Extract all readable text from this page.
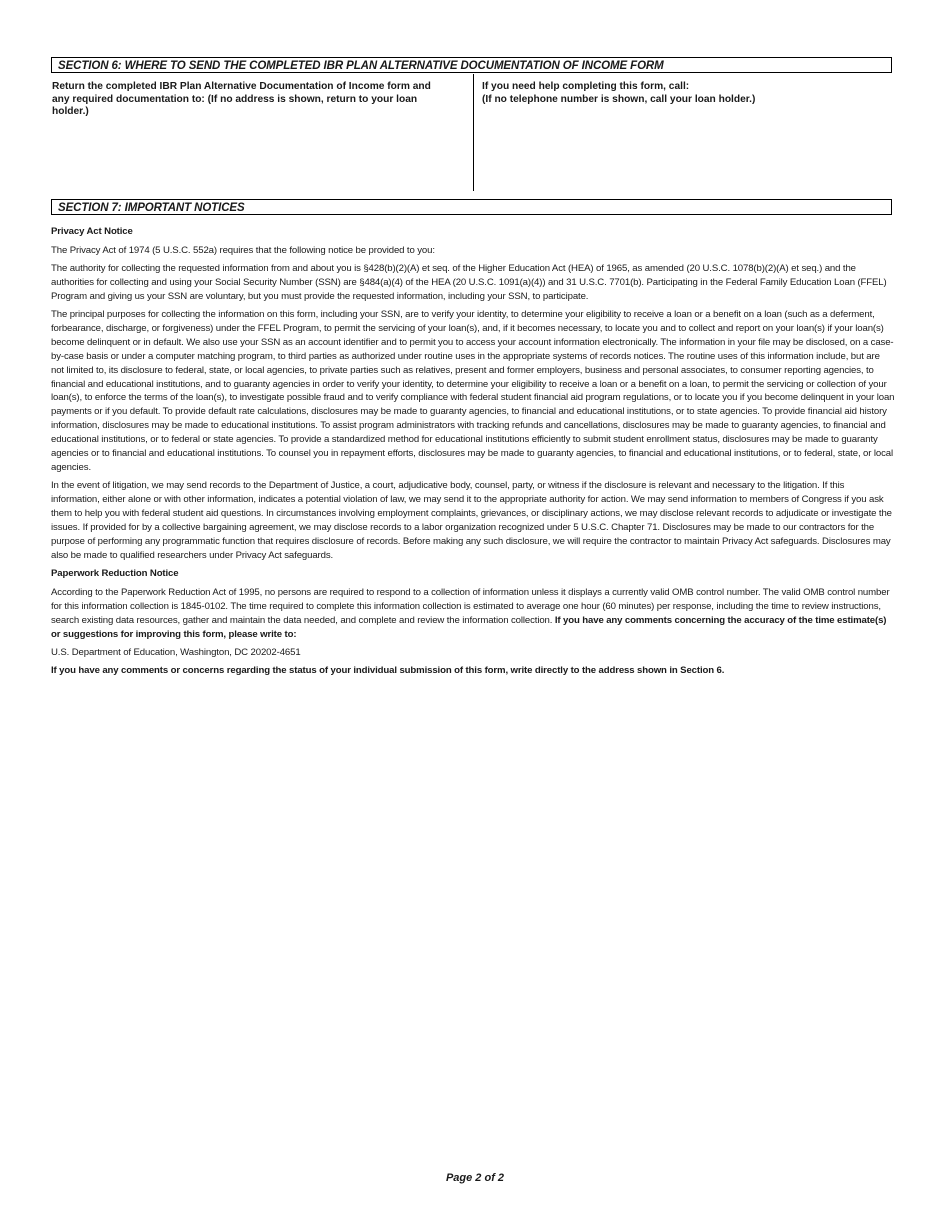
SECTION 6: WHERE TO SEND THE COMPLETED IBR PLAN ALTERNATIVE DOCUMENTATION OF INCOME FORM
Return the completed IBR Plan Alternative Documentation of Income form and any required documentation to: (If no address is shown, return to your loan holder.)
If you need help completing this form, call:
(If no telephone number is shown, call your loan holder.)
SECTION 7: IMPORTANT NOTICES

Privacy Act Notice

The Privacy Act of 1974 (5 U.S.C. 552a) requires that the following notice be provided to you:

The authority for collecting the requested information from and about you is §428(b)(2)(A) et seq. of the Higher Education Act (HEA) of 1965, as amended (20 U.S.C. 1078(b)(2)(A) et seq.) and the authorities for collecting and using your Social Security Number (SSN) are §484(a)(4) of the HEA (20 U.S.C. 1091(a)(4)) and 31 U.S.C. 7701(b). Participating in the Federal Family Education Loan (FFEL) Program and giving us your SSN are voluntary, but you must provide the requested information, including your SSN, to participate.

The principal purposes for collecting the information on this form, including your SSN, are to verify your identity, to determine your eligibility to receive a loan or a benefit on a loan (such as a deferment, forbearance, discharge, or forgiveness) under the FFEL Program, to permit the servicing of your loan(s), and, if it becomes necessary, to locate you and to collect and report on your loan(s) if your loan(s) become delinquent or in default. We also use your SSN as an account identifier and to permit you to access your account information electronically. The information in your file may be disclosed, on a case-by-case basis or under a computer matching program, to third parties as authorized under routine uses in the appropriate systems of records notices. The routine uses of this information include, but are not limited to, its disclosure to federal, state, or local agencies, to private parties such as relatives, present and former employers, business and personal associates, to consumer reporting agencies, to financial and educational institutions, and to guaranty agencies in order to verify your identity, to determine your eligibility to receive a loan or a benefit on a loan, to permit the servicing or collection of your loan(s), to enforce the terms of the loan(s), to investigate possible fraud and to verify compliance with federal student financial aid program regulations, or to locate you if you become delinquent in your loan payments or if you default. To provide default rate calculations, disclosures may be made to guaranty agencies, to financial and educational institutions, or to state agencies. To provide financial aid history information, disclosures may be made to educational institutions. To assist program administrators with tracking refunds and cancellations, disclosures may be made to guaranty agencies, to financial and educational institutions, or to federal or state agencies. To provide a standardized method for educational institutions efficiently to submit student enrollment status, disclosures may be made to guaranty agencies or to financial and educational institutions. To counsel you in repayment efforts, disclosures may be made to guaranty agencies, to financial and educational institutions, or to federal, state, or local agencies.

In the event of litigation, we may send records to the Department of Justice, a court, adjudicative body, counsel, party, or witness if the disclosure is relevant and necessary to the litigation. If this information, either alone or with other information, indicates a potential violation of law, we may send it to the appropriate authority for action. We may send information to members of Congress if you ask them to help you with federal student aid questions. In circumstances involving employment complaints, grievances, or disciplinary actions, we may disclose relevant records to adjudicate or investigate the issues. If provided for by a collective bargaining agreement, we may disclose records to a labor organization recognized under 5 U.S.C. Chapter 71. Disclosures may be made to our contractors for the purpose of performing any programmatic function that requires disclosure of records. Before making any such disclosure, we will require the contractor to maintain Privacy Act safeguards. Disclosures may also be made to qualified researchers under Privacy Act safeguards.

Paperwork Reduction Notice

According to the Paperwork Reduction Act of 1995, no persons are required to respond to a collection of information unless it displays a currently valid OMB control number. The valid OMB control number for this information collection is 1845-0102. The time required to complete this information collection is estimated to average one hour (60 minutes) per response, including the time to review instructions, search existing data resources, gather and maintain the data needed, and complete and review the information collection. If you have any comments concerning the accuracy of the time estimate(s) or suggestions for improving this form, please write to:

U.S. Department of Education, Washington, DC 20202-4651

If you have any comments or concerns regarding the status of your individual submission of this form, write directly to the address shown in Section 6.

Page 2 of 2
